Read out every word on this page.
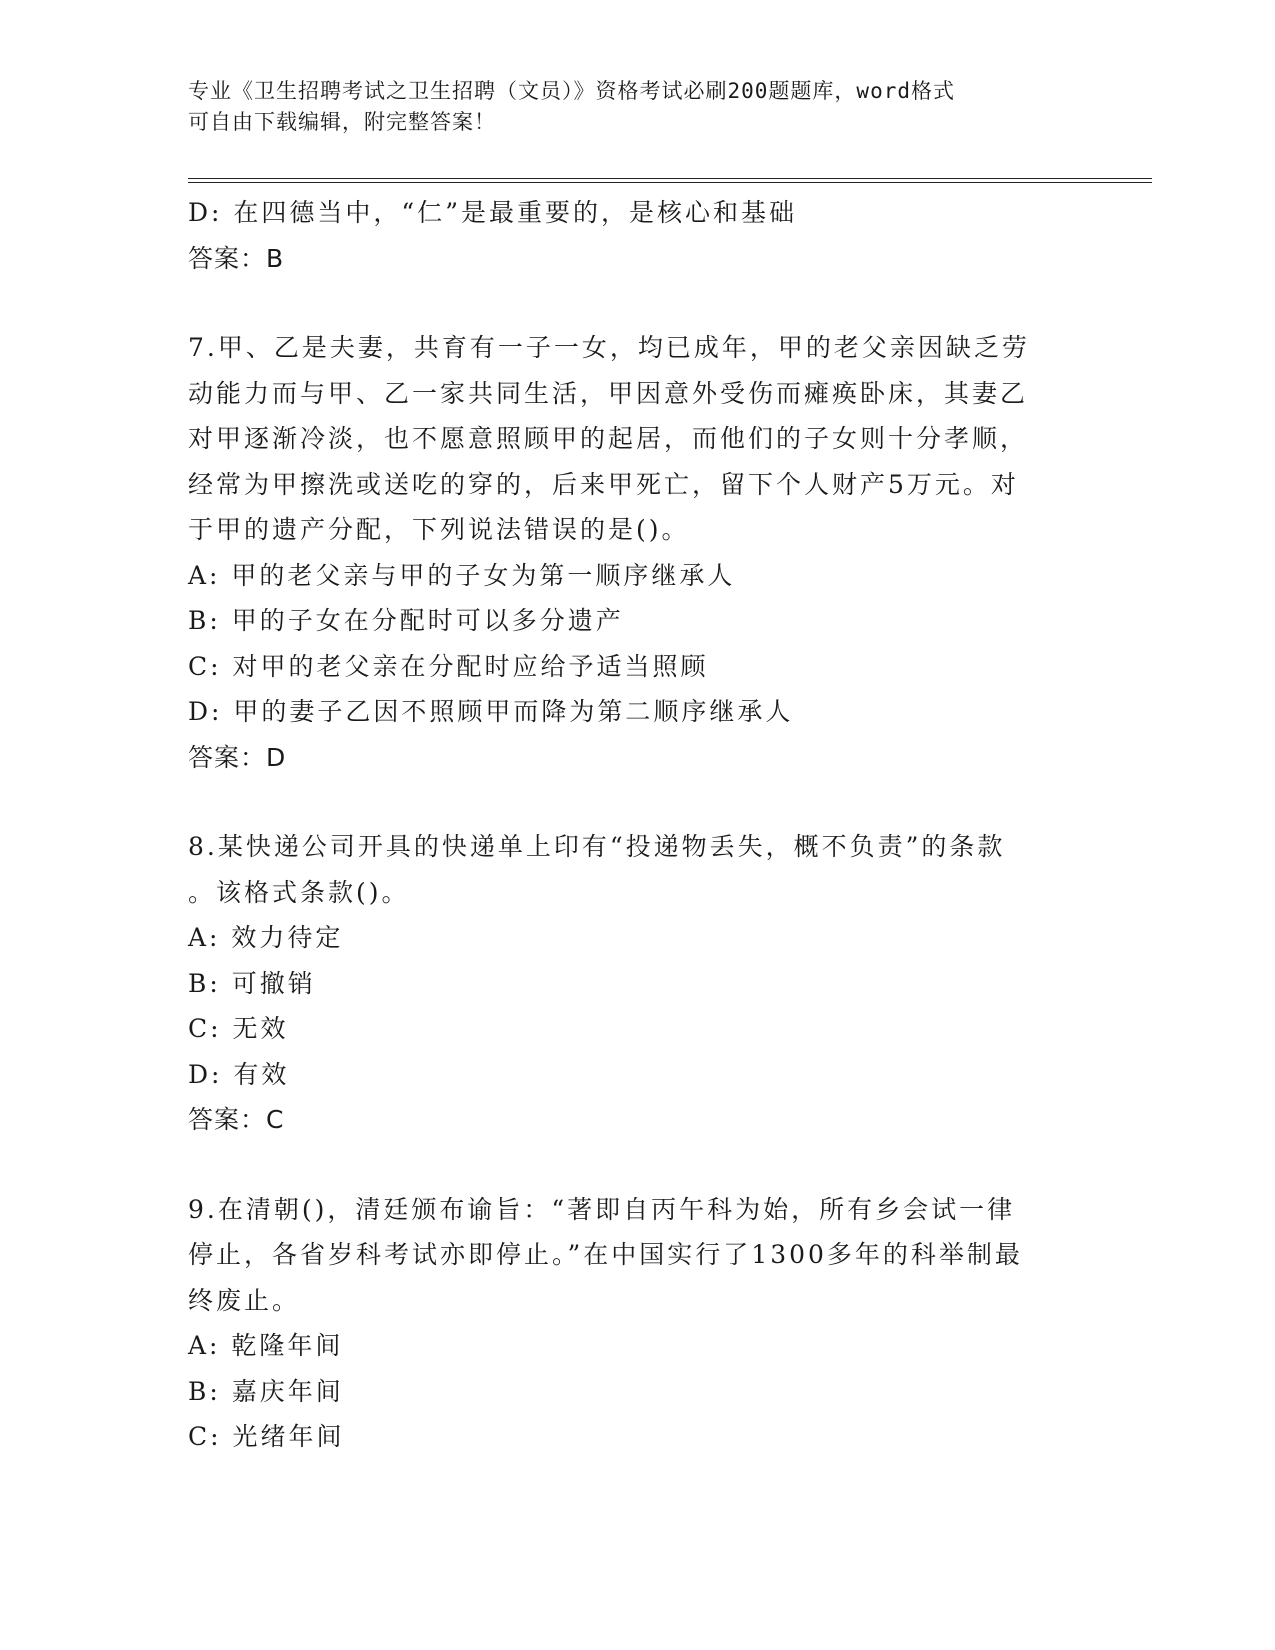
专业《卫生招聘考试之卫生招聘（文员）》资格考试必刷200题题库，word格式
可自由下载编辑，附完整答案！
D: 在四德当中，“仁”是最重要的，是核心和基础
答案：B
7.甲、乙是夫妻，共育有一子一女，均已成年，甲的老父亲因缺乏劳
动能力而与甲、乙一家共同生活，甲因意外受伤而瘫痪卧床，其妻乙
对甲逐渐冷淡，也不愿意照顾甲的起居，而他们的子女则十分孝顺，
经常为甲擦洗或送吃的穿的，后来甲死亡，留下个人财产5万元。对
于甲的遗产分配，下列说法错误的是()。
A: 甲的老父亲与甲的子女为第一顺序继承人
B: 甲的子女在分配时可以多分遗产
C: 对甲的老父亲在分配时应给予适当照顾
D: 甲的妻子乙因不照顾甲而降为第二顺序继承人
答案：D
8.某快递公司开具的快递单上印有“投递物丢失，概不负责”的条款
。该格式条款()。
A: 效力待定
B: 可撤销
C: 无效
D: 有效
答案：C
9.在清朝()，清廷颁布谕旨：“著即自丙午科为始，所有乡会试一律
停止，各省岁科考试亦即停止。”在中国实行了1300多年的科举制最
终废止。
A: 乾隆年间
B: 嘉庆年间
C: 光绪年间
